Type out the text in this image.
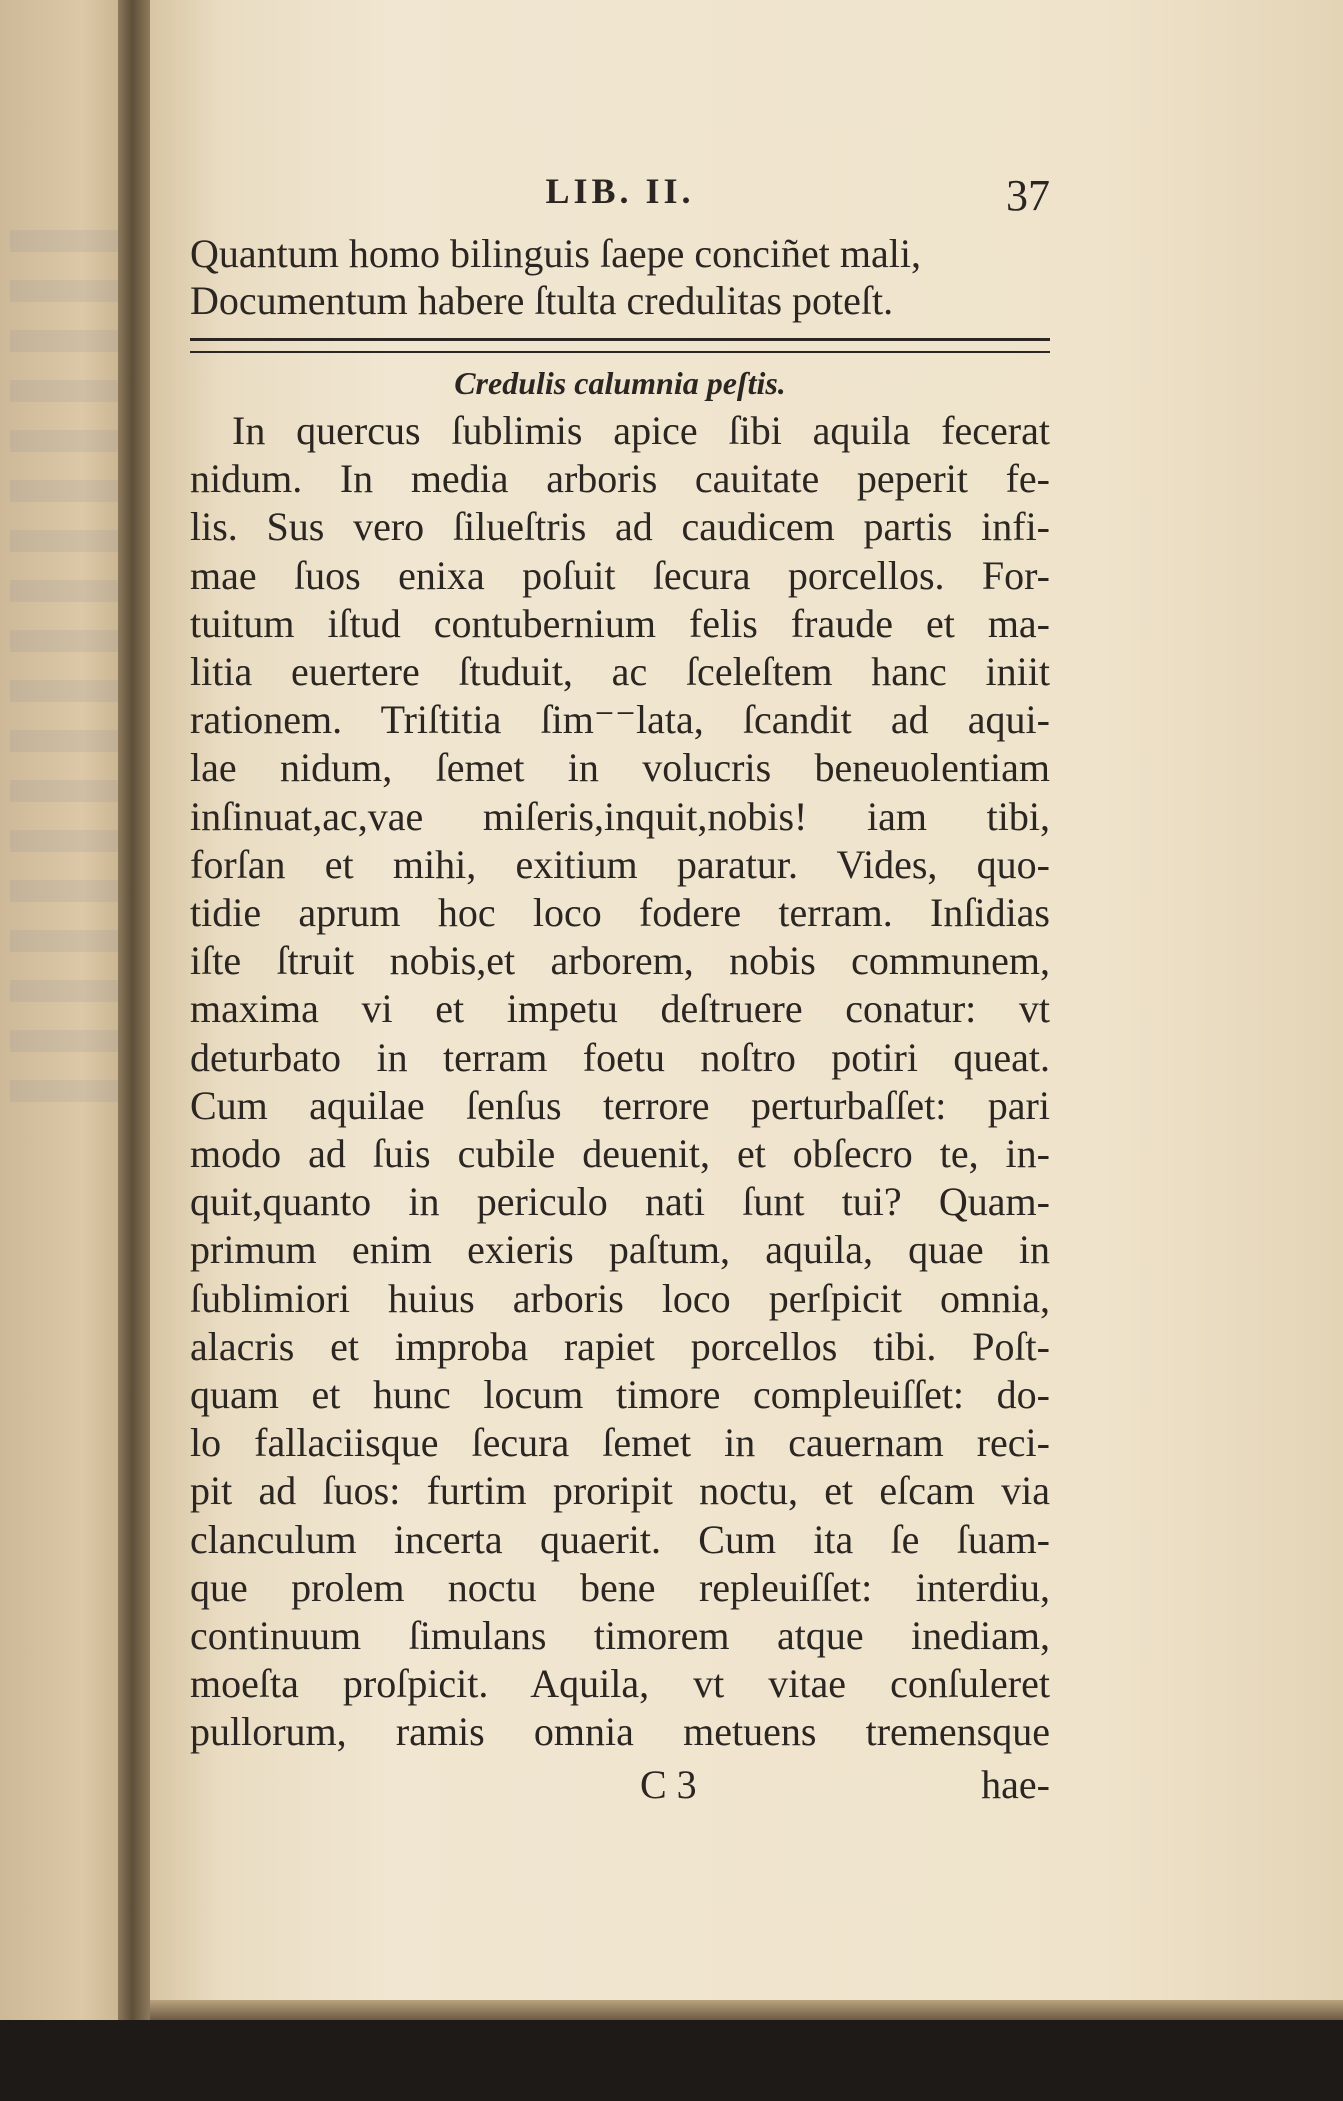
LIB. II.	37

Quantum homo bilinguis ſaepe conciñet mali,

Documentum habere ſtulta credulitas poteſt.

Credulis calumnia peſtis.

In quercus ſublimis apice ſibi aquila fecerat

nidum. In media arboris cauitate peperit fe-

lis. Sus vero ſilueſtris ad caudicem partis infi-

mae ſuos enixa poſuit ſecura porcellos. For-

tuitum iſtud contubernium felis fraude et ma-

litia euertere ſtuduit, ac ſceleſtem hanc iniit

rationem. Triſtitia ſim⁻⁻lata, ſcandit ad aqui-

lae nidum, ſemet in volucris beneuolentiam

inſinuat,ac,vae miſeris,inquit,nobis! iam tibi,

forſan et mihi, exitium paratur. Vides, quo-

tidie aprum hoc loco fodere terram. Inſidias

iſte ſtruit nobis,et arborem, nobis communem,

maxima vi et impetu deſtruere conatur: vt

deturbato in terram foetu noſtro potiri queat.

Cum aquilae ſenſus terrore perturbaſſet: pari

modo ad ſuis cubile deuenit, et obſecro te, in-

quit,quanto in periculo nati ſunt tui? Quam-

primum enim exieris paſtum, aquila, quae in

ſublimiori huius arboris loco perſpicit omnia,

alacris et improba rapiet porcellos tibi. Poſt-

quam et hunc locum timore compleuiſſet: do-

lo fallaciisque ſecura ſemet in cauernam reci-

pit ad ſuos: furtim proripit noctu, et eſcam via

clanculum incerta quaerit. Cum ita ſe ſuam-

que prolem noctu bene repleuiſſet: interdiu,

continuum ſimulans timorem atque inediam,

moeſta proſpicit. Aquila, vt vitae conſuleret

pullorum, ramis omnia metuens tremensque

C 3	hae-
